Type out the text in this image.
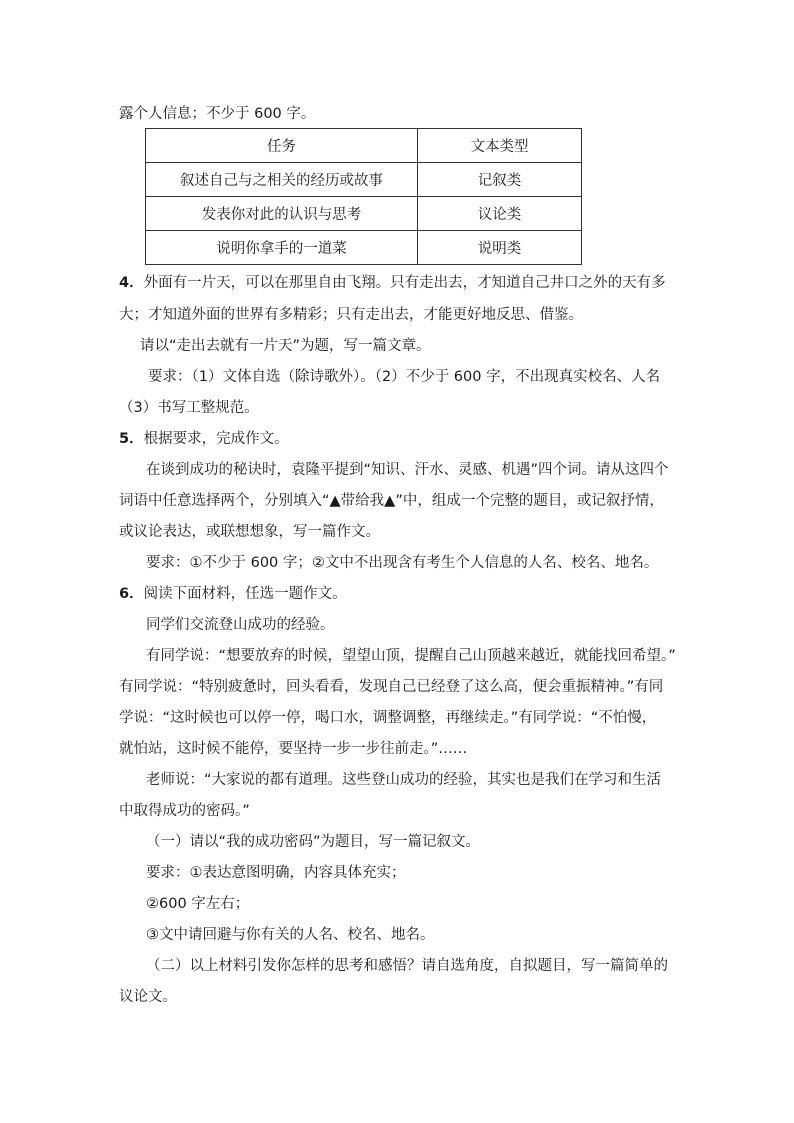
露个人信息；不少于 600 字。
任务	文本类型
叙述自己与之相关的经历或故事	记叙类
发表你对此的认识与思考	议论类
说明你拿手的一道菜	说明类
4．外面有一片天，可以在那里自由飞翔。只有走出去，才知道自己井口之外的天有多
大；才知道外面的世界有多精彩；只有走出去，才能更好地反思、借鉴。
请以“走出去就有一片天”为题，写一篇文章。
要求：（1）文体自选（除诗歌外）。（2）不少于 600 字，不出现真实校名、人名
（3）书写工整规范。
5．根据要求，完成作文。
在谈到成功的秘诀时，袁隆平提到“知识、汗水、灵感、机遇”四个词。请从这四个
词语中任意选择两个，分别填入“▲带给我▲”中，组成一个完整的题目，或记叙抒情，
或议论表达，或联想想象，写一篇作文。
要求：①不少于 600 字；②文中不出现含有考生个人信息的人名、校名、地名。
6．阅读下面材料，任选一题作文。
同学们交流登山成功的经验。
有同学说：“想要放弃的时候，望望山顶，提醒自己山顶越来越近，就能找回希望。”
有同学说：“特别疲惫时，回头看看，发现自己已经登了这么高，便会重振精神。”有同
学说：“这时候也可以停一停，喝口水，调整调整，再继续走。”有同学说：“不怕慢，
就怕站，这时候不能停，要坚持一步一步往前走。”……
老师说：“大家说的都有道理。这些登山成功的经验，其实也是我们在学习和生活
中取得成功的密码。”
（一）请以“我的成功密码”为题目，写一篇记叙文。
要求：①表达意图明确，内容具体充实；
②600 字左右；
③文中请回避与你有关的人名、校名、地名。
（二）以上材料引发你怎样的思考和感悟？请自选角度，自拟题目，写一篇简单的
议论文。
